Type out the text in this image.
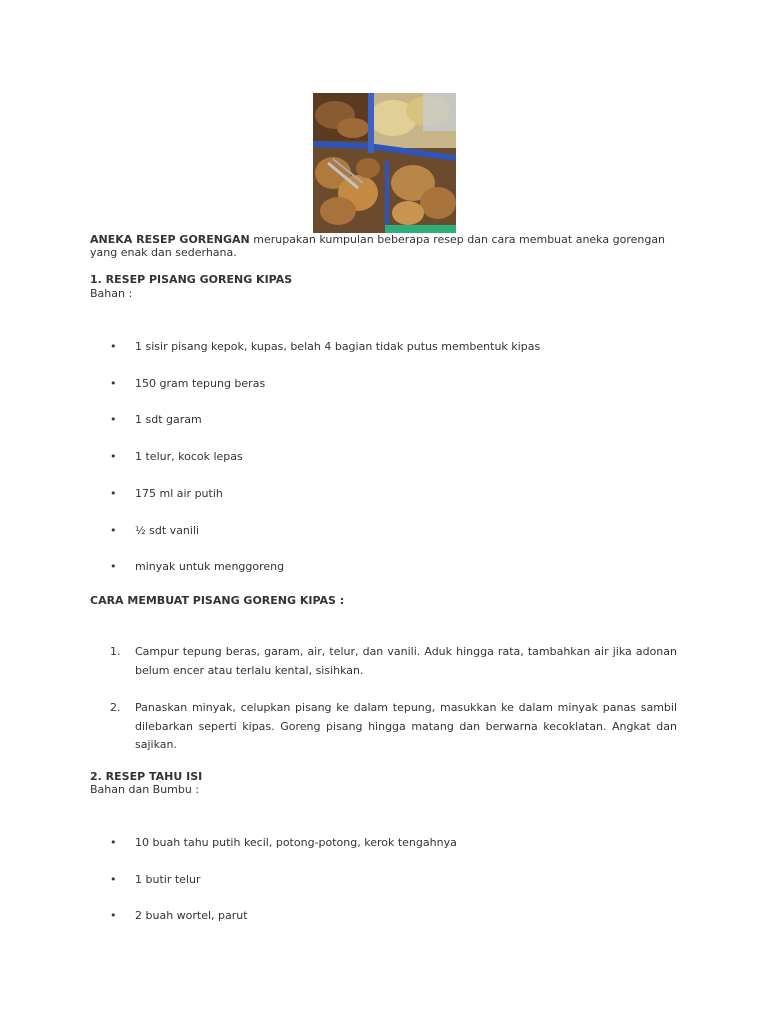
ANEKA RESEP GORENGAN merupakan kumpulan beberapa resep dan cara membuat aneka gorengan yang enak dan sederhana.
1. RESEP PISANG GORENG KIPAS
Bahan :
•	1 sisir pisang kepok, kupas, belah 4 bagian tidak putus membentuk kipas
•	150 gram tepung beras
•	1 sdt garam
•	1 telur, kocok lepas
•	175 ml air putih
•	½ sdt vanili
•	minyak untuk menggoreng
CARA MEMBUAT PISANG GORENG KIPAS :
1. Campur tepung beras, garam, air, telur, dan vanili. Aduk hingga rata, tambahkan air jika adonan belum encer atau terlalu kental, sisihkan.
2. Panaskan minyak, celupkan pisang ke dalam tepung, masukkan ke dalam minyak panas sambil dilebarkan seperti kipas. Goreng pisang hingga matang dan berwarna kecoklatan. Angkat dan sajikan.
2. RESEP TAHU ISI
Bahan dan Bumbu :
•	10 buah tahu putih kecil, potong-potong, kerok tengahnya
•	1 butir telur
•	2 buah wortel, parut
